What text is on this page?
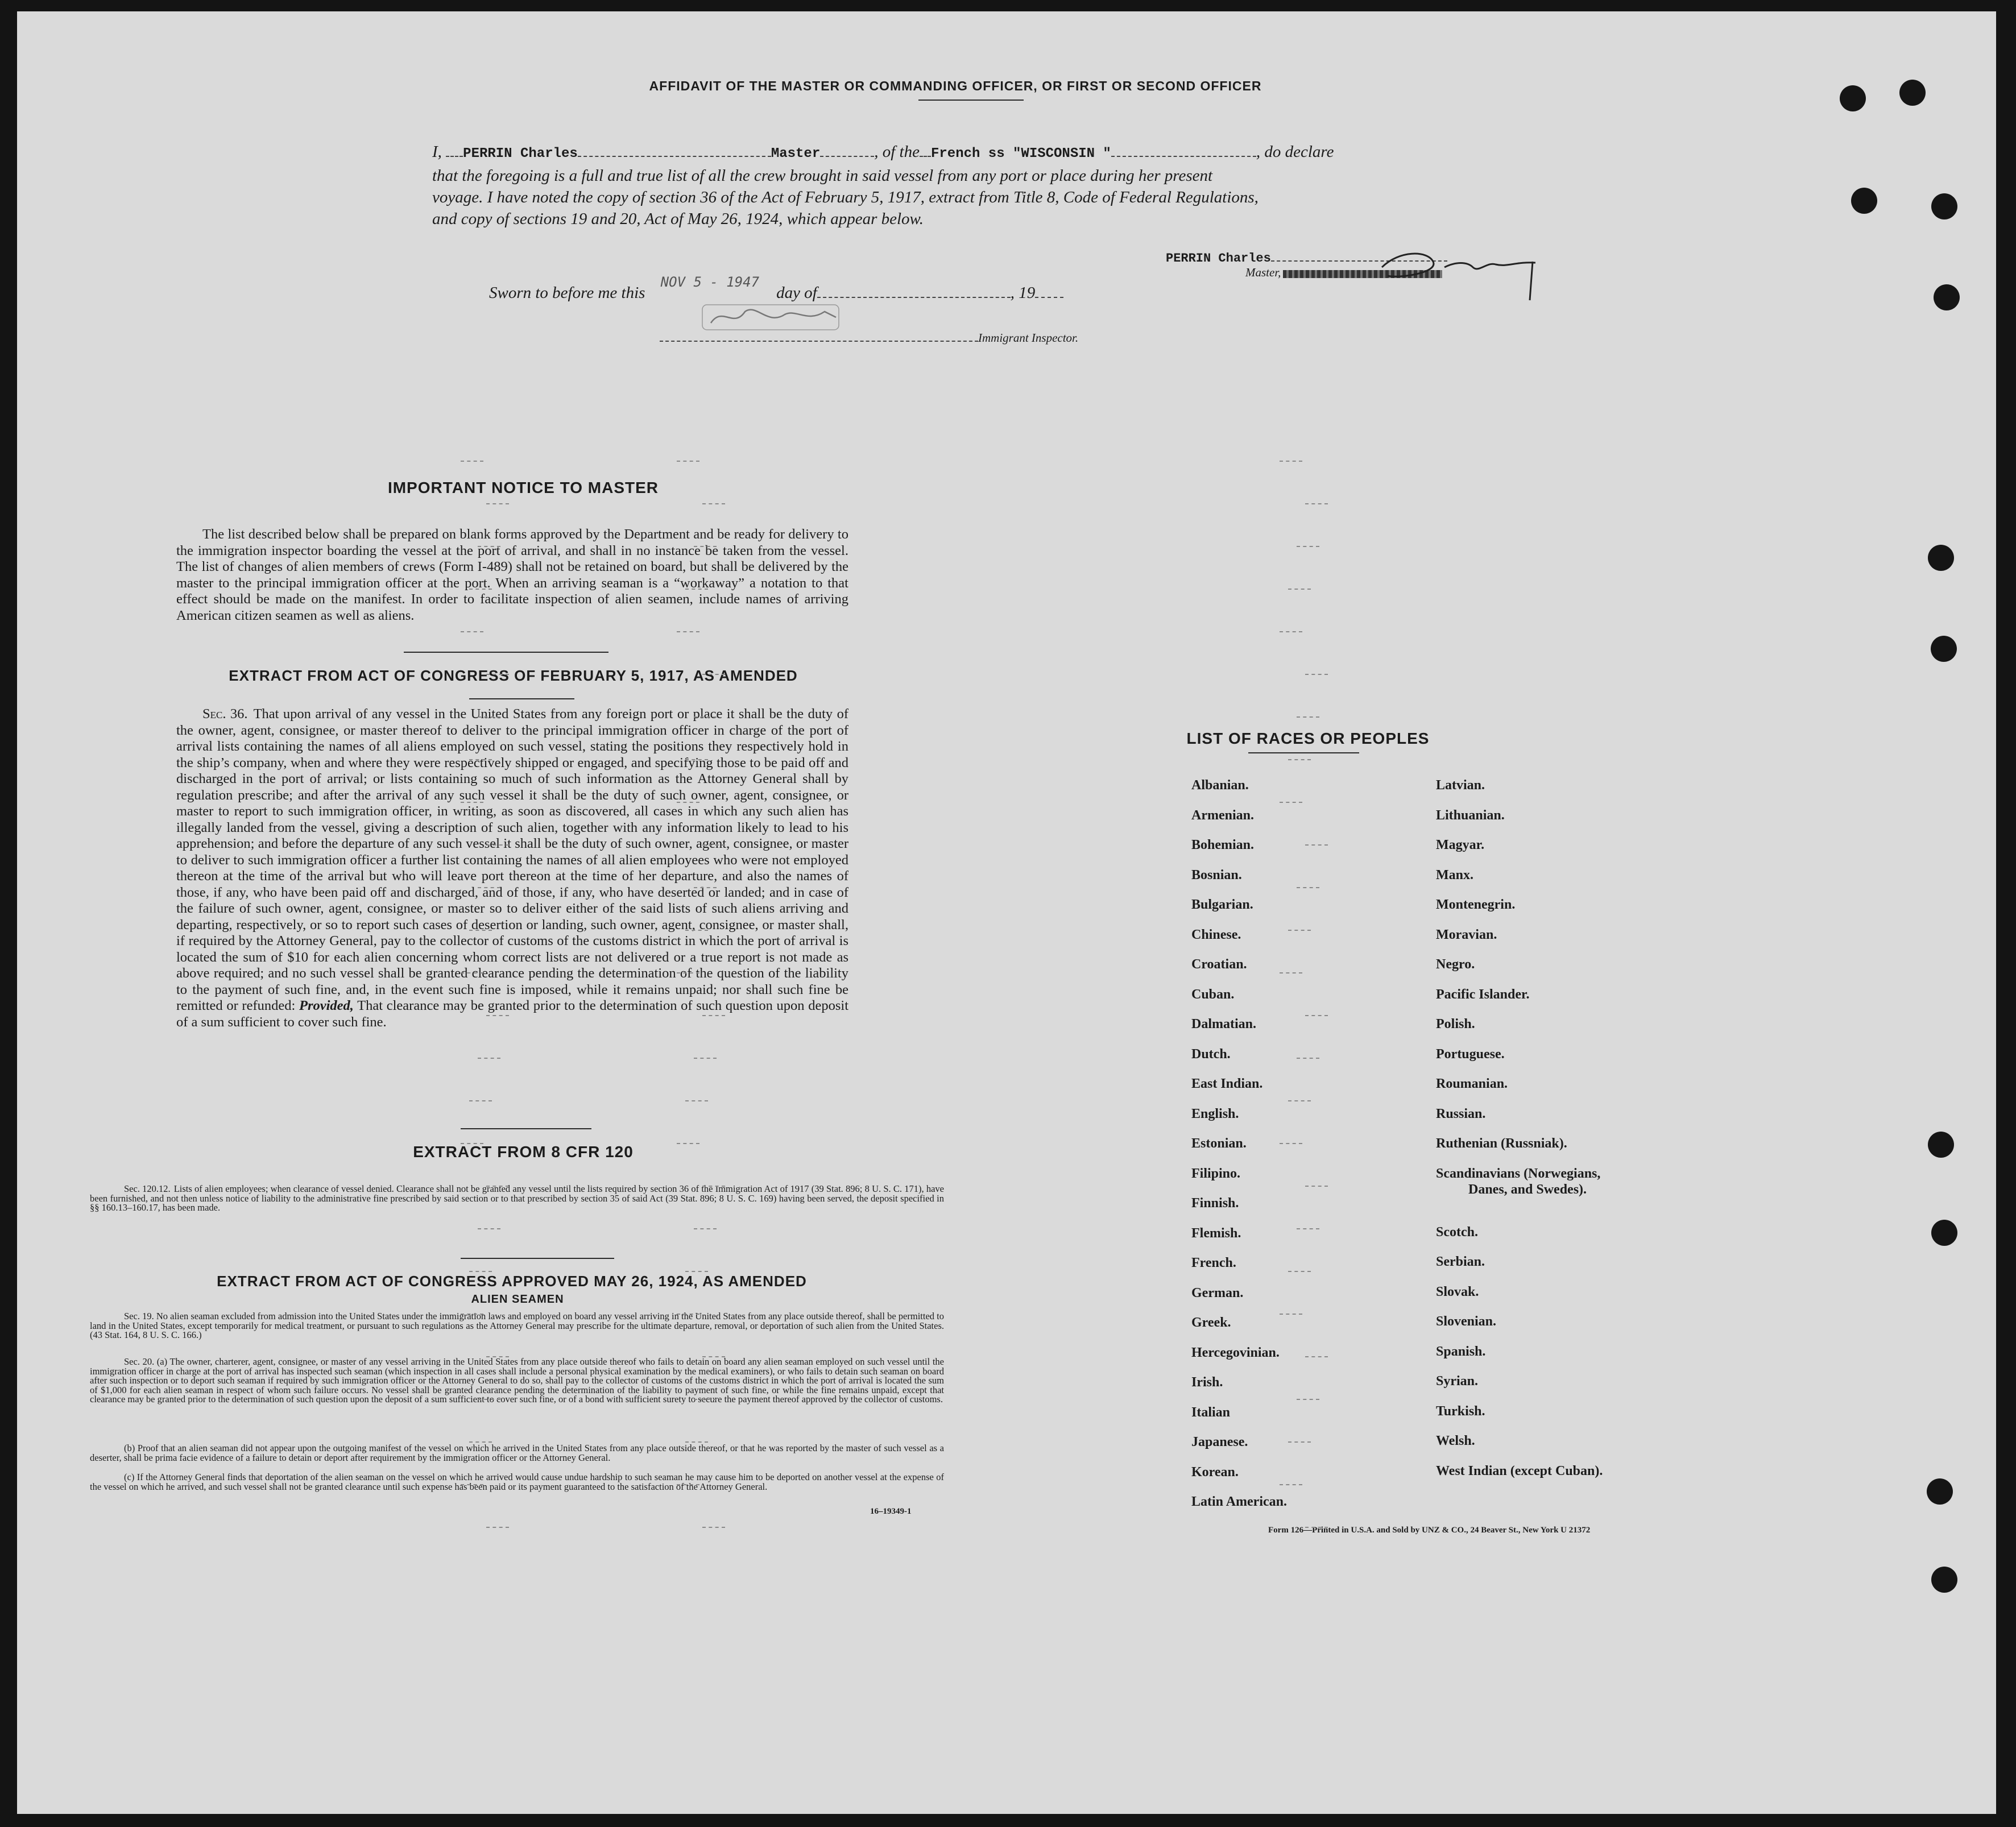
AFFIDAVIT OF THE MASTER OR COMMANDING OFFICER, OR FIRST OR SECOND OFFICER
I, PERRIN Charles	Master	, of the French ss "WISCONSIN "	, do declare
that the foregoing is a full and true list of all the crew brought in said vessel from any port or place during her present
voyage. I have noted the copy of section 36 of the Act of February 5, 1917, extract from Title 8, Code of Federal Regulations,
and copy of sections 19 and 20, Act of May 26, 1924, which appear below.
PERRIN Charles
Master,
Sworn to before me this $^{NOV 5 - 1947}$day of	, 19
Immigrant Inspector.
IMPORTANT NOTICE TO MASTER
The list described below shall be prepared on blank forms approved by the Department and be ready for delivery to the immigration inspector boarding the vessel at the port of arrival, and shall in no instance be taken from the vessel. The list of changes of alien members of crews (Form I-489) shall not be retained on board, but shall be delivered by the master to the principal immigration officer at the port. When an arriving seaman is a “workaway” a notation to that effect should be made on the manifest. In order to facilitate inspection of alien seamen, include names of arriving American citizen seamen as well as aliens.
EXTRACT FROM ACT OF CONGRESS OF FEBRUARY 5, 1917, AS AMENDED
Sec. 36. That upon arrival of any vessel in the United States from any foreign port or place it shall be the duty of the owner, agent, consignee, or master thereof to deliver to the principal immigration officer in charge of the port of arrival lists containing the names of all aliens employed on such vessel, stating the positions they respectively hold in the ship’s company, when and where they were respectively shipped or engaged, and specifying those to be paid off and discharged in the port of arrival; or lists containing so much of such information as the Attorney General shall by regulation prescribe; and after the arrival of any such vessel it shall be the duty of such owner, agent, consignee, or master to report to such immigration officer, in writing, as soon as discovered, all cases in which any such alien has illegally landed from the vessel, giving a description of such alien, together with any information likely to lead to his apprehension; and before the departure of any such vessel it shall be the duty of such owner, agent, consignee, or master to deliver to such immigration officer a further list containing the names of all alien employees who were not employed thereon at the time of the arrival but who will leave port thereon at the time of her departure, and also the names of those, if any, who have been paid off and discharged, and of those, if any, who have deserted or landed; and in case of the failure of such owner, agent, consignee, or master so to deliver either of the said lists of such aliens arriving and departing, respectively, or so to report such cases of desertion or landing, such owner, agent, consignee, or master shall, if required by the Attorney General, pay to the collector of customs of the customs district in which the port of arrival is located the sum of $10 for each alien concerning whom correct lists are not delivered or a true report is not made as above required; and no such vessel shall be granted clearance pending the determination of the question of the liability to the payment of such fine, and, in the event such fine is imposed, while it remains unpaid; nor shall such fine be remitted or refunded: Provided, That clearance may be granted prior to the determination of such question upon deposit of a sum sufficient to cover such fine.
EXTRACT FROM 8 CFR 120
Sec. 120.12. Lists of alien employees; when clearance of vessel denied. Clearance shall not be granted any vessel until the lists required by section 36 of the Immigration Act of 1917 (39 Stat. 896; 8 U. S. C. 171), have been furnished, and not then unless notice of liability to the administrative fine prescribed by said section or to that prescribed by section 35 of said Act (39 Stat. 896; 8 U. S. C. 169) having been served, the deposit specified in §§ 160.13–160.17, has been made.
EXTRACT FROM ACT OF CONGRESS APPROVED MAY 26, 1924, AS AMENDED
ALIEN SEAMEN
Sec. 19. No alien seaman excluded from admission into the United States under the immigration laws and employed on board any vessel arriving in the United States from any place outside thereof, shall be permitted to land in the United States, except temporarily for medical treatment, or pursuant to such regulations as the Attorney General may prescribe for the ultimate departure, removal, or deportation of such alien from the United States. (43 Stat. 164, 8 U. S. C. 166.)
Sec. 20. (a) The owner, charterer, agent, consignee, or master of any vessel arriving in the United States from any place outside thereof who fails to detain on board any alien seaman employed on such vessel until the immigration officer in charge at the port of arrival has inspected such seaman (which inspection in all cases shall include a personal physical examination by the medical examiners), or who fails to detain such seaman on board after such inspection or to deport such seaman if required by such immigration officer or the Attorney General to do so, shall pay to the collector of customs of the customs district in which the port of arrival is located the sum of $1,000 for each alien seaman in respect of whom such failure occurs. No vessel shall be granted clearance pending the determination of the liability to payment of such fine, or while the fine remains unpaid, except that clearance may be granted prior to the determination of such question upon the deposit of a sum sufficient to cover such fine, or of a bond with sufficient surety to secure the payment thereof approved by the collector of customs.
(b) Proof that an alien seaman did not appear upon the outgoing manifest of the vessel on which he arrived in the United States from any place outside thereof, or that he was reported by the master of such vessel as a deserter, shall be prima facie evidence of a failure to detain or deport after requirement by the immigration officer or the Attorney General.
(c) If the Attorney General finds that deportation of the alien seaman on the vessel on which he arrived would cause undue hardship to such seaman he may cause him to be deported on another vessel at the expense of the vessel on which he arrived, and such vessel shall not be granted clearance until such expense has been paid or its payment guaranteed to the satisfaction of the Attorney General.
16–19349-1
LIST OF RACES OR PEOPLES
Albanian.
Armenian.
Bohemian.
Bosnian.
Bulgarian.
Chinese.
Croatian.
Cuban.
Dalmatian.
Dutch.
East Indian.
English.
Estonian.
Filipino.
Finnish.
Flemish.
French.
German.
Greek.
Hercegovinian.
Irish.
Italian
Japanese.
Korean.
Latin American.
Latvian.
Lithuanian.
Magyar.
Manx.
Montenegrin.
Moravian.
Negro.
Pacific Islander.
Polish.
Portuguese.
Roumanian.
Russian.
Ruthenian (Russniak).
Scandinavians (Norwegians,
Danes, and Swedes).
Scotch.
Serbian.
Slovak.
Slovenian.
Spanish.
Syrian.
Turkish.
Welsh.
West Indian (except Cuban).
Form 126—Printed in U.S.A. and Sold by UNZ & CO., 24 Beaver St., New York U 21372
